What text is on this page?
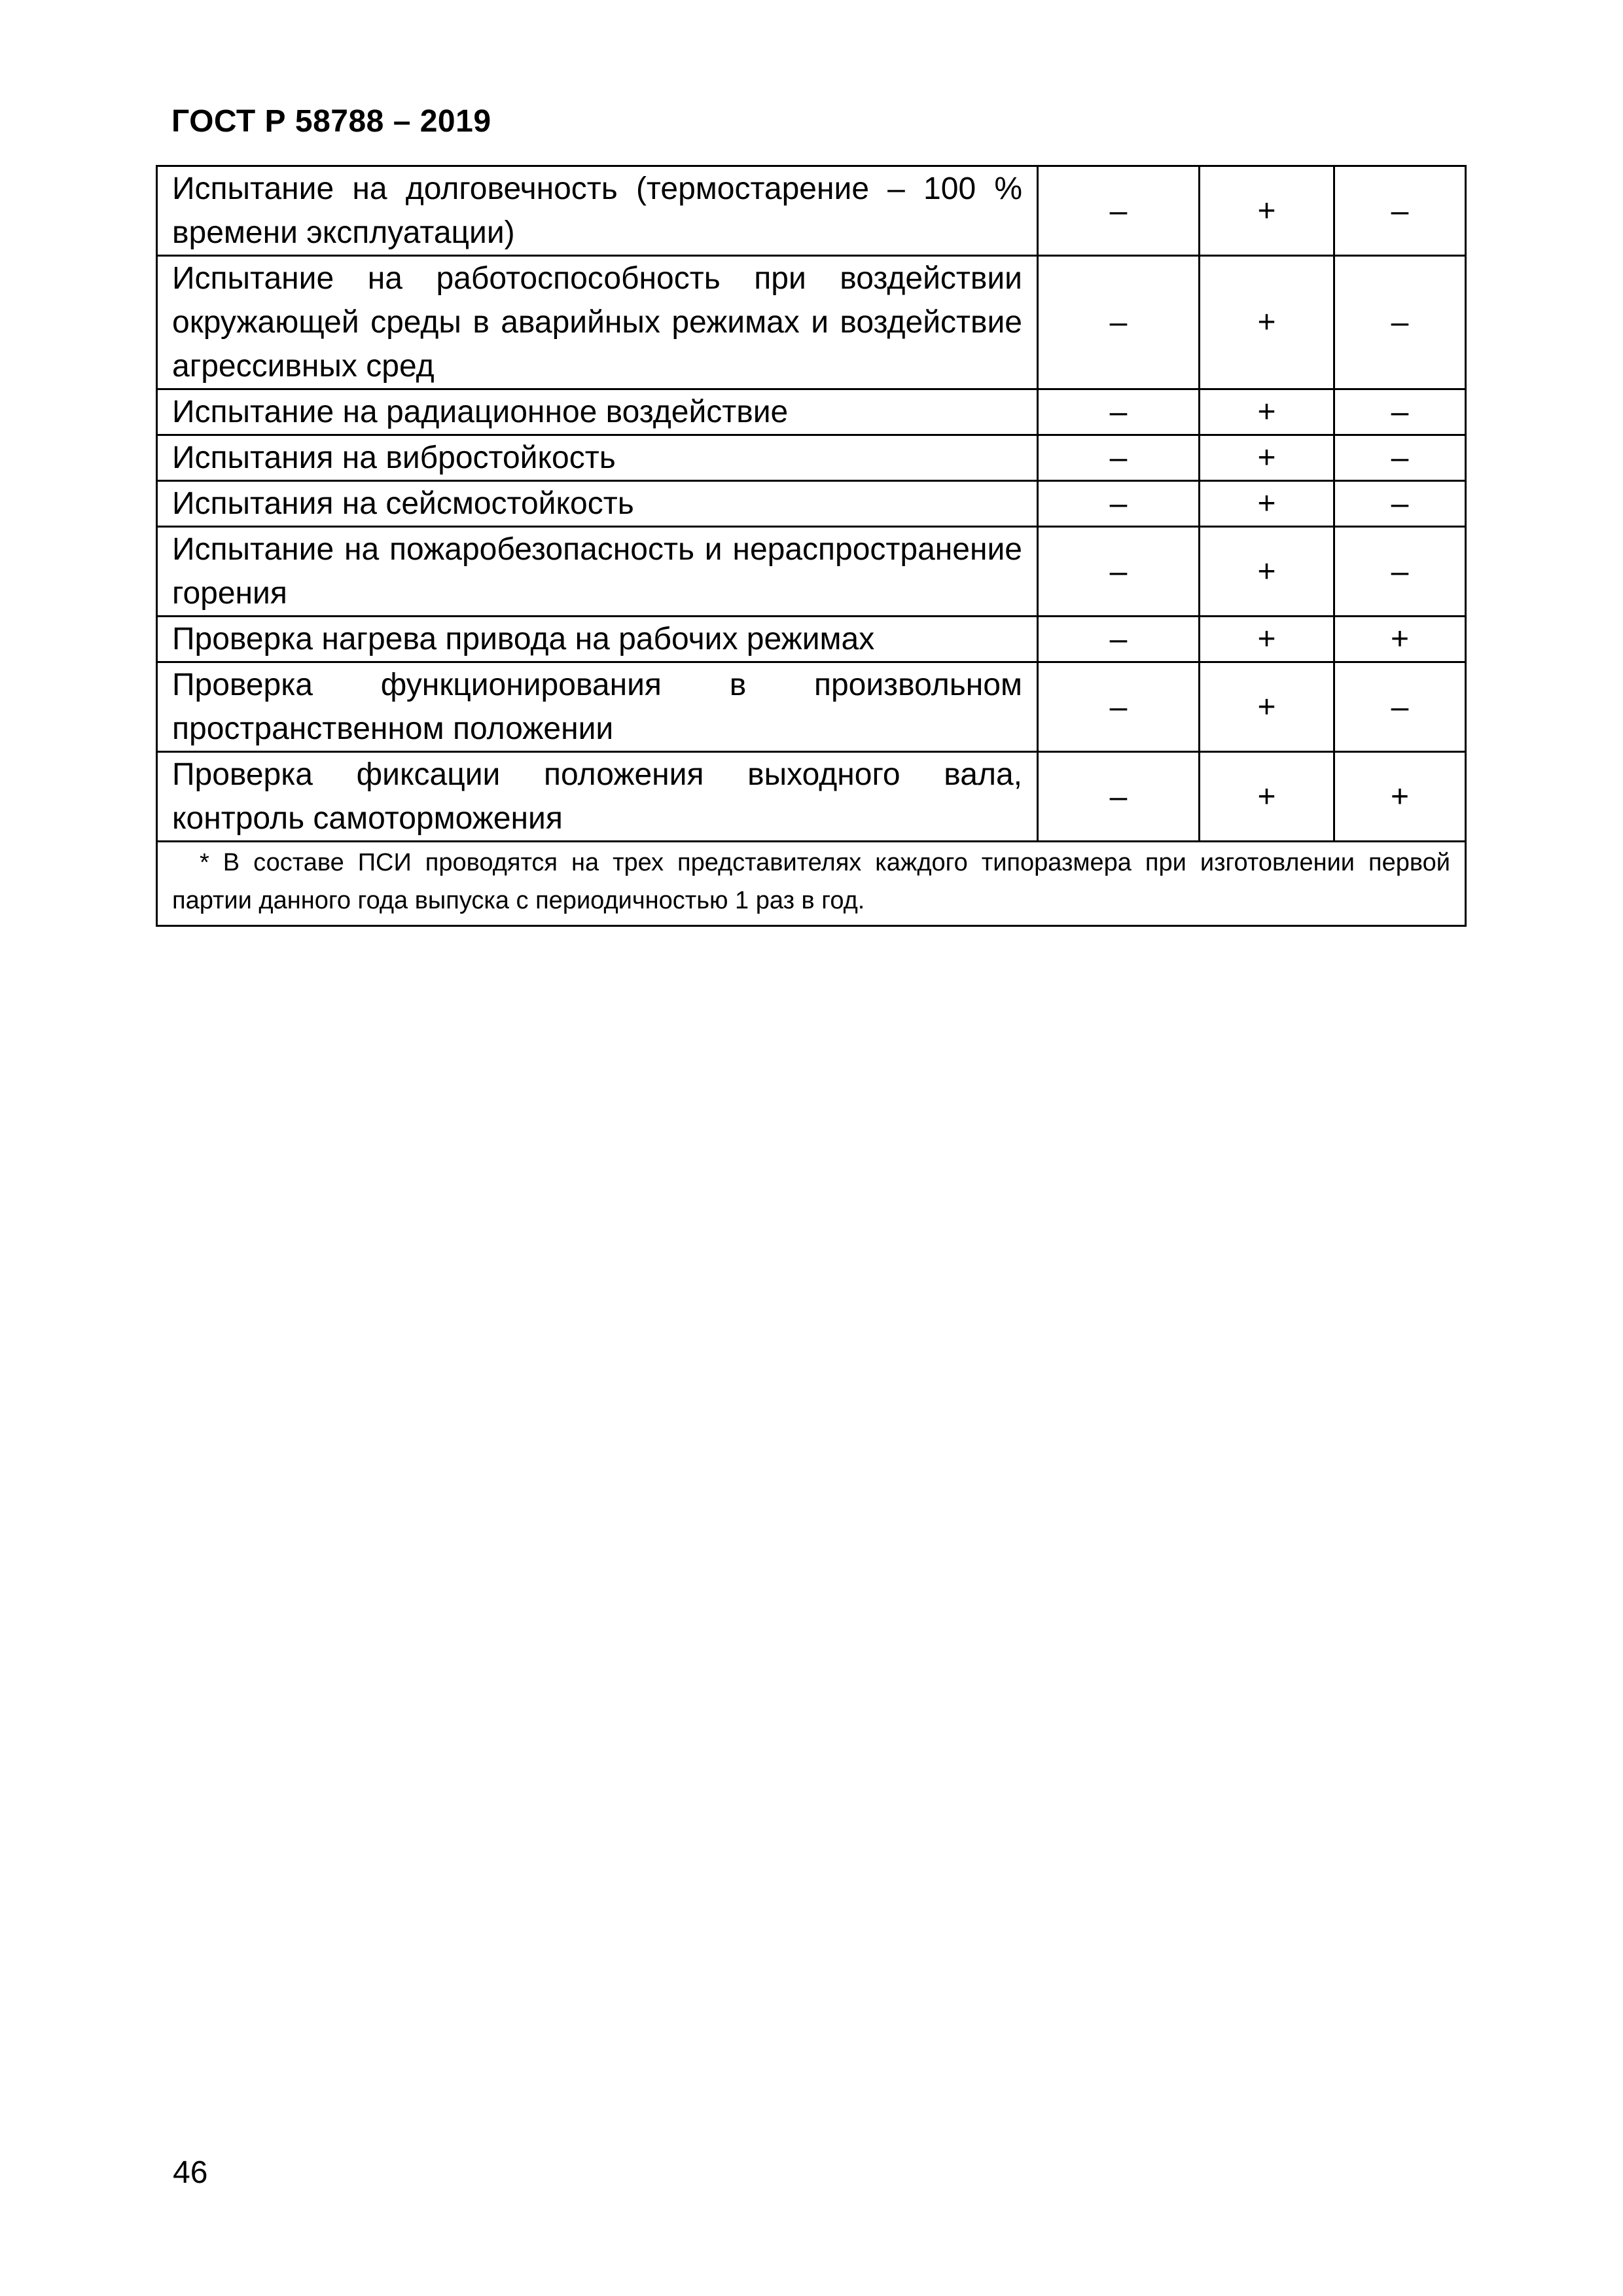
ГОСТ Р 58788 – 2019
Испытание на долговечность (термостарение – 100 % времени эксплуатации)	–	+	–
Испытание на работоспособность при воздействии окружающей среды в аварийных режимах и воздействие агрессивных сред	–	+	–
Испытание на радиационное воздействие	–	+	–
Испытания на вибростойкость	–	+	–
Испытания на сейсмостойкость	–	+	–
Испытание на пожаробезопасность и нераспространение горения	–	+	–
Проверка нагрева привода на рабочих режимах	–	+	+
Проверка функционирования в произвольном пространственном положении	–	+	–
Проверка фиксации положения выходного вала, контроль самоторможения	–	+	+
* В составе ПСИ проводятся на трех представителях каждого типоразмера при изготовлении первой партии данного года выпуска с периодичностью 1 раз в год.			
46
